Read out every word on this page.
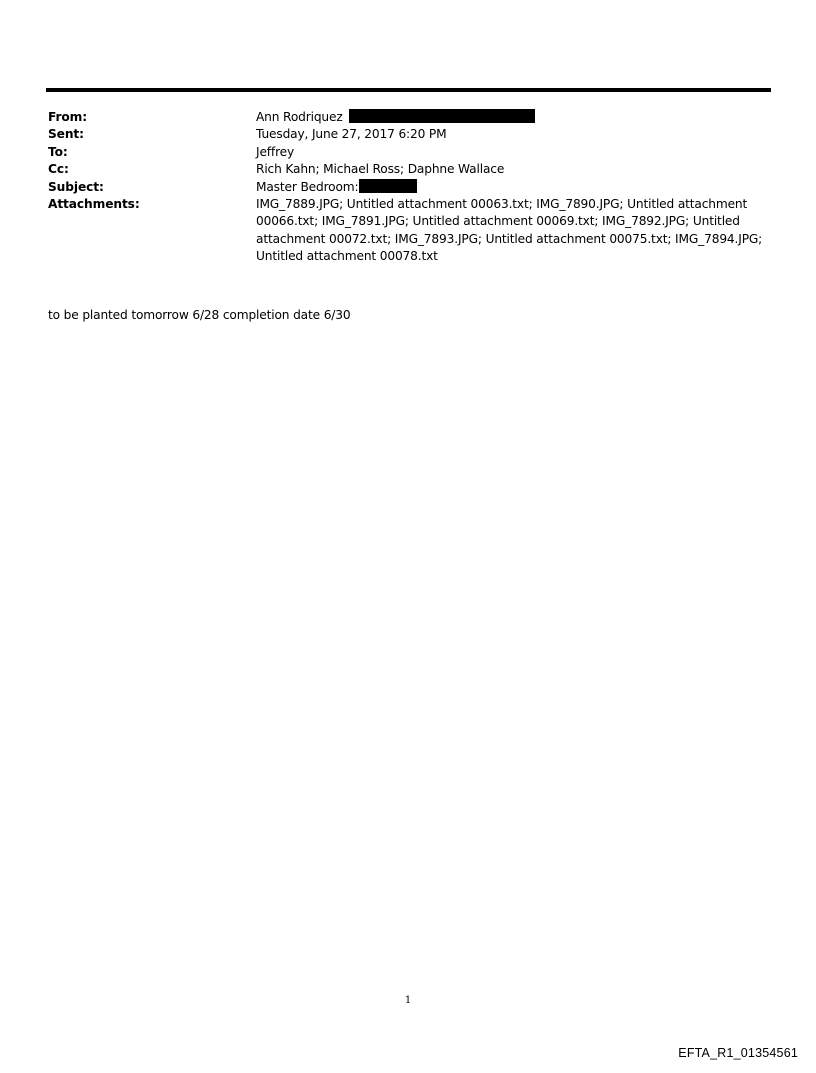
From:	Ann Rodriquez
Sent:	Tuesday, June 27, 2017 6:20 PM
To:	Jeffrey
Cc:	Rich Kahn; Michael Ross; Daphne Wallace
Subject:	Master Bedroom:
Attachments:	IMG_7889.JPG; Untitled attachment 00063.txt; IMG_7890.JPG; Untitled attachment 00066.txt; IMG_7891.JPG; Untitled attachment 00069.txt; IMG_7892.JPG; Untitled attachment 00072.txt; IMG_7893.JPG; Untitled attachment 00075.txt; IMG_7894.JPG; Untitled attachment 00078.txt
to be planted tomorrow 6/28 completion date 6/30
1
EFTA_R1_01354561
